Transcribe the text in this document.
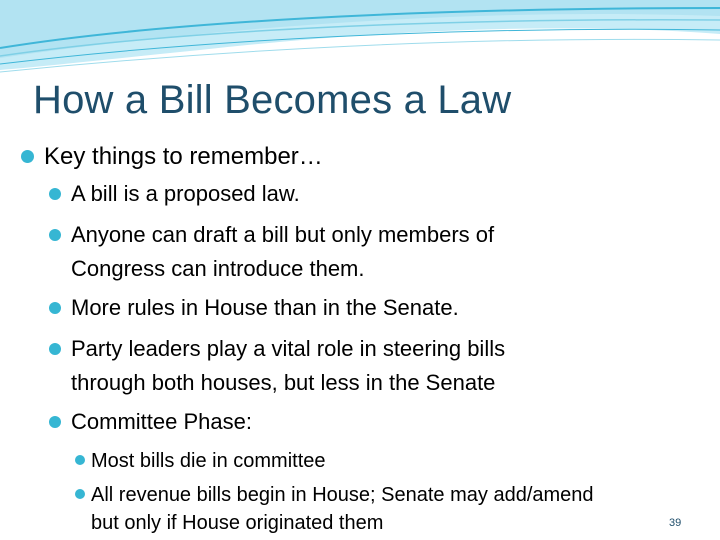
How a Bill Becomes a Law

Key things to remember…

A bill is a proposed law.

Anyone can draft a bill but only members of

Congress can introduce them.

More rules in House than in the Senate.

Party leaders play a vital role in steering bills

through both houses, but less in the Senate

Committee Phase:

Most bills die in committee

All revenue bills begin in House; Senate may add/amend

but only if House originated them	39
